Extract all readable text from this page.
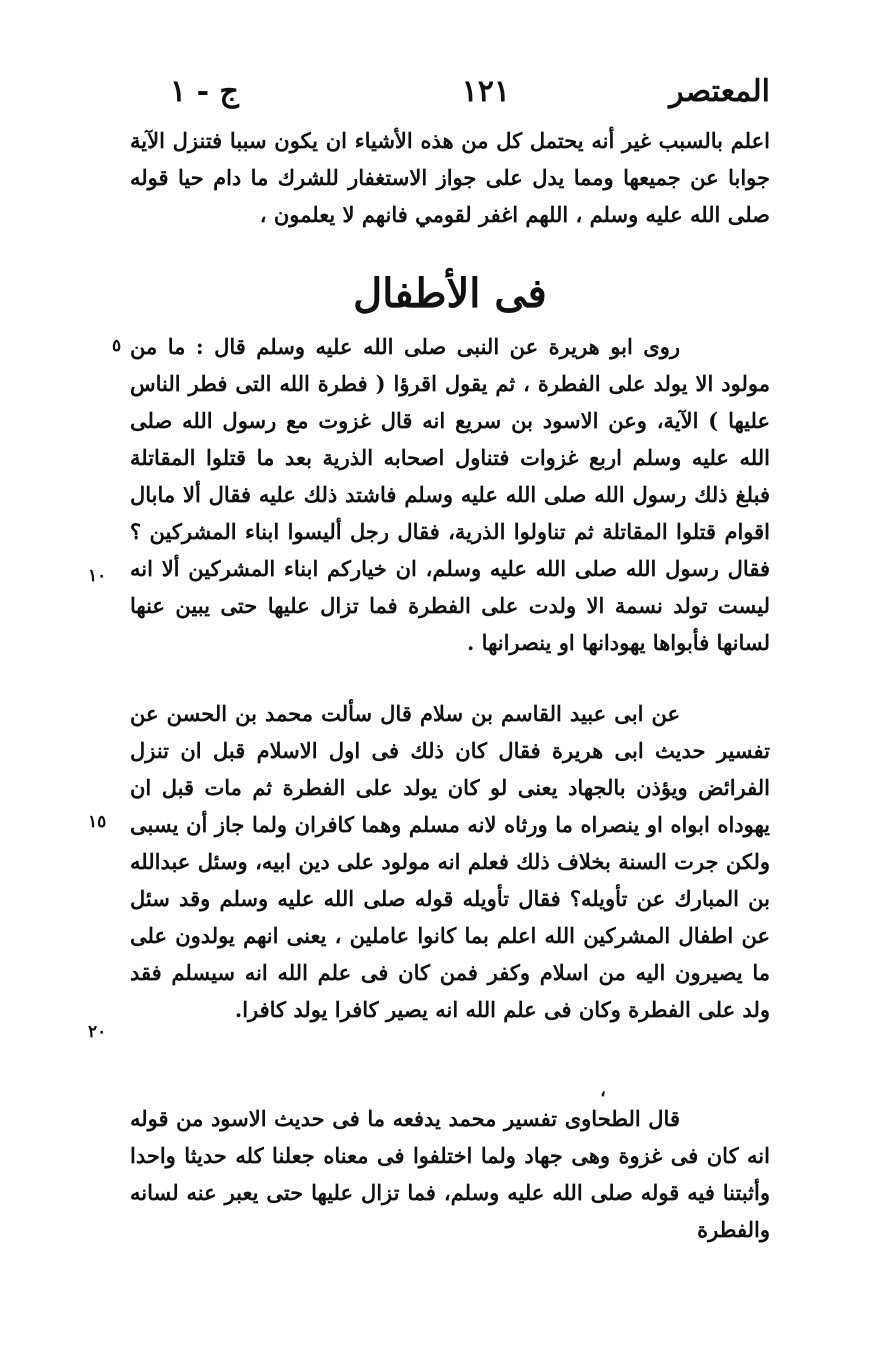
المعتصر
١٢١
ج - ١

اعلم بالسبب غير أنه يحتمل كل من هذه الأشياء ان يكون سببا فتنزل الآية جوابا عن جميعها ومما يدل على جواز الاستغفار للشرك ما دام حيا قوله صلى الله عليه وسلم ، اللهم اغفر لقومي فانهم لا يعلمون ،

فى الأطفال

روى ابو هريرة عن النبى صلى الله عليه وسلم قال : ما من مولود الا يولد على الفطرة ، ثم يقول اقرؤا ( فطرة الله التى فطر الناس عليها ) الآية، وعن الاسود بن سريع انه قال غزوت مع رسول الله صلى الله عليه وسلم اربع غزوات فتناول اصحابه الذرية بعد ما قتلوا المقاتلة فبلغ ذلك رسول الله صلى الله عليه وسلم فاشتد ذلك عليه فقال ألا مابال اقوام قتلوا المقاتلة ثم تناولوا الذرية، فقال رجل أليسوا ابناء المشركين ؟ فقال رسول الله صلى الله عليه وسلم، ان خياركم ابناء المشركين ألا انه ليست تولد نسمة الا ولدت على الفطرة فما تزال عليها حتى يبين عنها لسانها فأبواها يهودانها او ينصرانها .

عن ابى عبيد القاسم بن سلام قال سألت محمد بن الحسن عن تفسير حديث ابى هريرة فقال كان ذلك فى اول الاسلام قبل ان تنزل الفرائض ويؤذن بالجهاد يعنى لو كان يولد على الفطرة ثم مات قبل ان يهوداه ابواه او ينصراه ما ورثاه لانه مسلم وهما كافران ولما جاز أن يسبى ولكن جرت السنة بخلاف ذلك فعلم انه مولود على دين ابيه، وسئل عبدالله بن المبارك عن تأويله؟ فقال تأويله قوله صلى الله عليه وسلم وقد سئل عن اطفال المشركين الله اعلم بما كانوا عاملين ، يعنى انهم يولدون على ما يصيرون اليه من اسلام وكفر فمن كان فى علم الله انه سيسلم فقد ولد على الفطرة وكان فى علم الله انه يصير كافرا يولد كافرا.

قال الطحاوى تفسير محمد يدفعه ما فى حديث الاسود من قوله انه كان فى غزوة وهى جهاد ولما اختلفوا فى معناه جعلنا كله حديثا واحدا وأثبتنا فيه قوله صلى الله عليه وسلم، فما تزال عليها حتى يعبر عنه لسانه والفطرة

٥
١٠
١٥
٢٠
،
